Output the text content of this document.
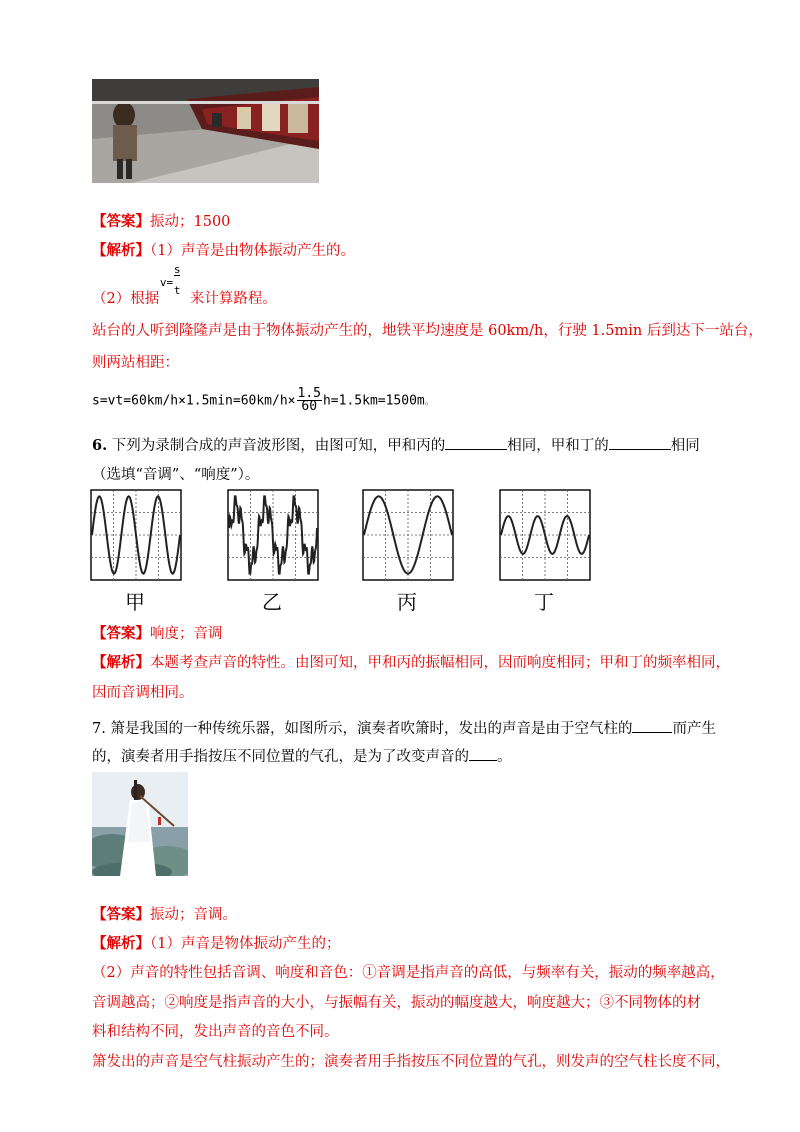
【答案】振动；1500
【解析】（1）声音是由物体振动产生的。
（2）根据
v=
s
t
来计算路程。
站台的人听到隆隆声是由于物体振动产生的，地铁平均速度是 60km/h，行驶 1.5min 后到达下一站台，
则两站相距：
$s=vt=60km/h\times 1.5\min=60km/h\times \frac{1.5}{60} h=1.5km=1500m$。
6. 下列为录制合成的声音波形图，由图可知，甲和丙的	相同，甲和丁的	相同
（选填“音调”、“响度”）。
甲	乙	丙	丁
【答案】响度；音调
【解析】本题考查声音的特性。由图可知，甲和丙的振幅相同，因而响度相同；甲和丁的频率相同，
因而音调相同。
7. 箫是我国的一种传统乐器，如图所示，演奏者吹箫时，发出的声音是由于空气柱的	而产生
的，演奏者用手指按压不同位置的气孔，是为了改变声音的 。
【答案】振动；音调。
【解析】（1）声音是物体振动产生的；
（2）声音的特性包括音调、响度和音色：①音调是指声音的高低，与频率有关，振动的频率越高，
音调越高；②响度是指声音的大小，与振幅有关，振动的幅度越大，响度越大；③不同物体的材
料和结构不同，发出声音的音色不同。
箫发出的声音是空气柱振动产生的；演奏者用手指按压不同位置的气孔，则发声的空气柱长度不同，
